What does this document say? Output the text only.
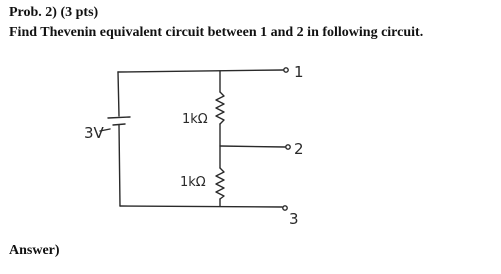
Prob. 2) (3 pts)
Find Thevenin equivalent circuit between 1 and 2 in following circuit.
Answer)
1
3V
2
3
1kΩ
1kΩ
